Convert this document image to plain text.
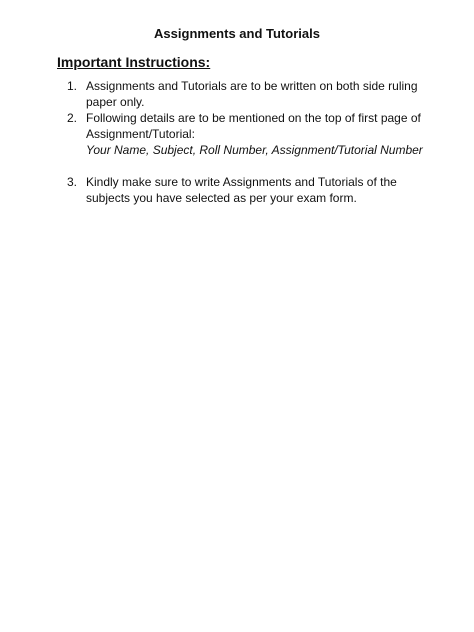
Assignments and Tutorials
Important Instructions:
1. Assignments and Tutorials are to be written on both side ruling
paper only.
2. Following details are to be mentioned on the top of first page of
Assignment/Tutorial:
Your Name, Subject, Roll Number, Assignment/Tutorial Number
3. Kindly make sure to write Assignments and Tutorials of the
subjects you have selected as per your exam form.
